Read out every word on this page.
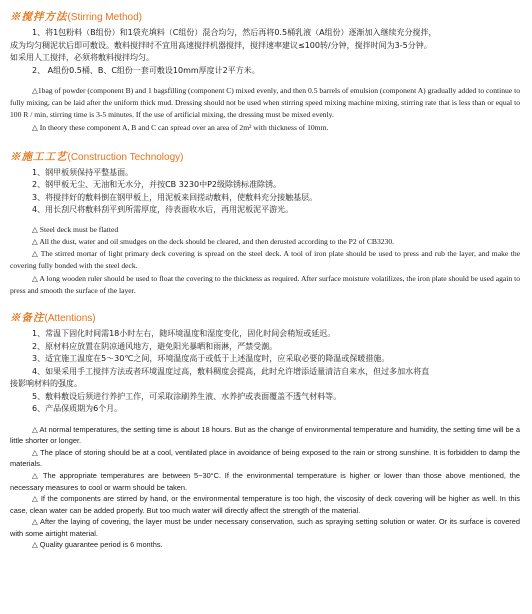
※搅拌方法(Stirring Method)
1、将1包粉料（B组份）和1袋充填料（C组份）混合均匀，然后再将0.5桶乳液（A组份）逐渐加入继续充分搅拌，
成为均匀稠泥状后即可敷设。敷料搅拌时不宜用高速搅拌机器搅拌，搅拌速率建议≤100转/分钟，搅拌时间为3-5分钟。
如采用人工搅拌，必须将敷料搅拌均匀。
2、 A组份0.5桶、B、C组份一套可敷设10mm厚度计2平方米。
△1bag of powder (component B) and 1 bagsfilling (component C) mixed evenly, and then 0.5 barrels of emulsion (component A) gradually added to continue to fully mixing, can be laid after the uniform thick mud. Dressing should not be used when stirring speed mixing machine mixing, stirring rate that is less than or equal to 100 R / min, stirring time is 3-5 minutes. If the use of artificial mixing, the dressing must be mixed evenly.
△ In theory these component A, B and C can spread over an area of 2m² with thickness of 10mm.
※施工工艺(Construction Technology)
1、钢甲板须保持平整基面。
2、钢甲板无尘、无油和无水分，并按CB 3230中P2级除锈标准除锈。
3、将搅拌好的敷料倒在钢甲板上，用泥板来回搓动敷料，使敷料充分接触基层。
4、用长刮尺将敷料刮平到所需厚度，待表面收水后，再用泥板泥平游光。
△ Steel deck must be flatted
△ All the dust, water and oil smudges on the deck should be cleared, and then derusted according to the P2 of CB3230.
△ The stirred mortar of light primary deck covering is spread on the steel deck. A tool of iron plate should be used to press and rub the layer, and make the covering fully bonded with the steel deck.
△ A long wooden ruler should be used to float the covering to the thickness as required. After surface moisture volatilizes, the iron plate should be used again to press and smooth the surface of the layer.
※备注(Attentions)
1、常温下固化时间需18小时左右，随环境温度和湿度变化，固化时间会稍短或延迟。
2、原材料应放置在阴凉通风地方，避免阳光暴晒和雨淋，严禁受潮。
3、适宜施工温度在5～30℃之间，环境温度高于或低于上述温度时，应采取必要的降温或保暖措施。
4、如果采用手工搅拌方法或者环境温度过高，敷料稠度会提高，此时允许增添适量清洁自来水，但过多加水将直
接影响材料的强度。
5、敷料敷设后须进行养护工作，可采取涂刷养生液、水养护或表面覆盖不透气材料等。
6、产品保质期为6个月。
△ At normal temperatures, the setting time is about 18 hours. But as the change of environmental temperature and humidity, the setting time will be a little shorter or longer.
△ The place of storing should be at a cool, ventilated place in avoidance of being exposed to the rain or strong sunshine. It is forbidden to damp the materials.
△ The appropriate temperatures are between 5~30°C. If the environmental temperature is higher or lower than those above mentioned, the necessary measures to cool or warm should be taken.
△ If the components are stirred by hand, or the environmental temperature is too high, the viscosity of deck covering will be higher as well. In this case, clean water can be added properly. But too much water will directly affect the strength of the material.
△ After the laying of covering, the layer must be under necessary conservation, such as spraying setting solution or water. Or its surface is covered with some airtight material.
△ Quality guarantee period is 6 months.
